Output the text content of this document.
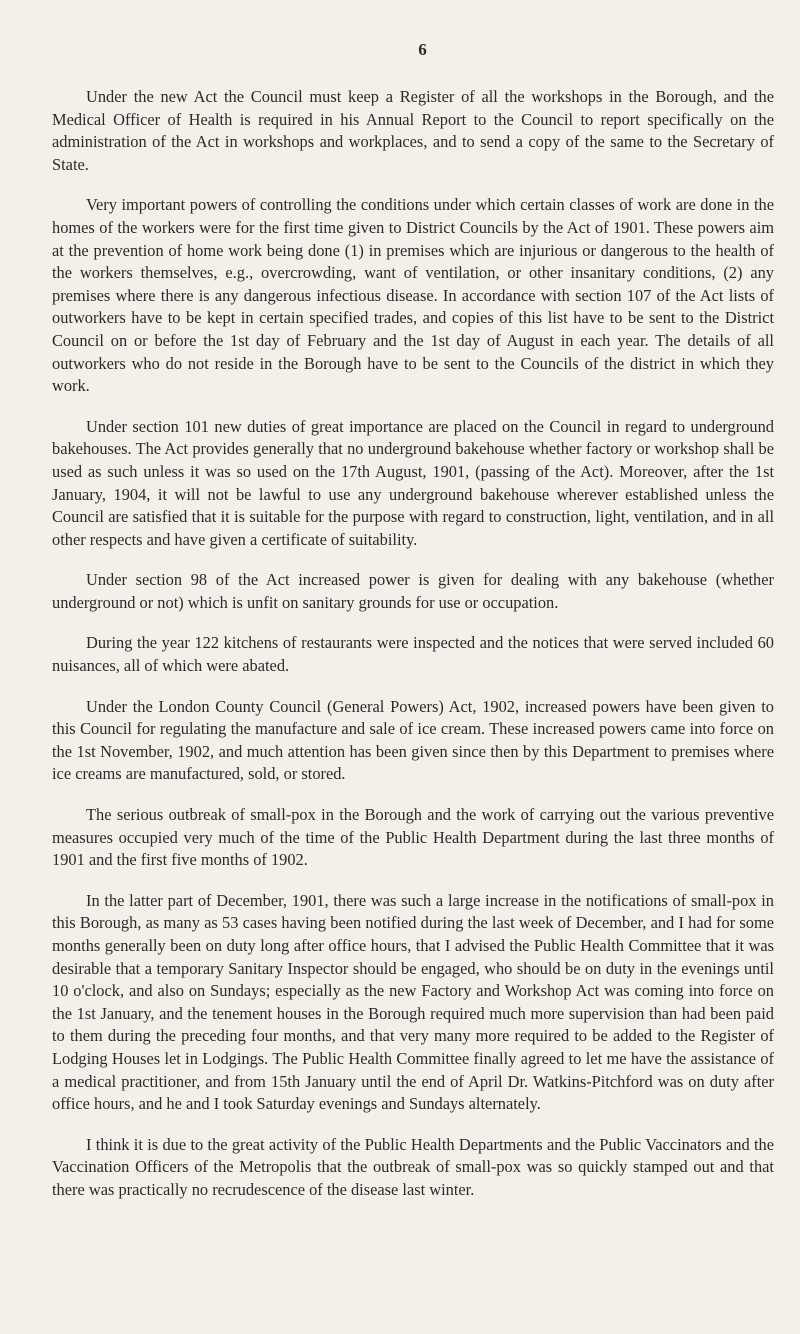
6

Under the new Act the Council must keep a Register of all the workshops in the Borough, and the Medical Officer of Health is required in his Annual Report to the Council to report specifically on the administration of the Act in workshops and workplaces, and to send a copy of the same to the Secretary of State.

Very important powers of controlling the conditions under which certain classes of work are done in the homes of the workers were for the first time given to District Councils by the Act of 1901. These powers aim at the prevention of home work being done (1) in premises which are injurious or dangerous to the health of the workers themselves, e.g., overcrowding, want of ventilation, or other insanitary conditions, (2) any premises where there is any dangerous infectious disease. In accordance with section 107 of the Act lists of outworkers have to be kept in certain specified trades, and copies of this list have to be sent to the District Council on or before the 1st day of February and the 1st day of August in each year. The details of all outworkers who do not reside in the Borough have to be sent to the Councils of the district in which they work.

Under section 101 new duties of great importance are placed on the Council in regard to underground bakehouses. The Act provides generally that no underground bakehouse whether factory or workshop shall be used as such unless it was so used on the 17th August, 1901, (passing of the Act). Moreover, after the 1st January, 1904, it will not be lawful to use any underground bakehouse wherever established unless the Council are satisfied that it is suitable for the purpose with regard to construction, light, ventilation, and in all other respects and have given a certificate of suitability.

Under section 98 of the Act increased power is given for dealing with any bakehouse (whether underground or not) which is unfit on sanitary grounds for use or occupation.

During the year 122 kitchens of restaurants were inspected and the notices that were served included 60 nuisances, all of which were abated.

Under the London County Council (General Powers) Act, 1902, increased powers have been given to this Council for regulating the manufacture and sale of ice cream. These increased powers came into force on the 1st November, 1902, and much attention has been given since then by this Department to premises where ice creams are manufactured, sold, or stored.

The serious outbreak of small-pox in the Borough and the work of carrying out the various preventive measures occupied very much of the time of the Public Health Department during the last three months of 1901 and the first five months of 1902.

In the latter part of December, 1901, there was such a large increase in the notifications of small-pox in this Borough, as many as 53 cases having been notified during the last week of December, and I had for some months generally been on duty long after office hours, that I advised the Public Health Committee that it was desirable that a temporary Sanitary Inspector should be engaged, who should be on duty in the evenings until 10 o'clock, and also on Sundays; especially as the new Factory and Workshop Act was coming into force on the 1st January, and the tenement houses in the Borough required much more supervision than had been paid to them during the preceding four months, and that very many more required to be added to the Register of Lodging Houses let in Lodgings. The Public Health Committee finally agreed to let me have the assistance of a medical practitioner, and from 15th January until the end of April Dr. Watkins-Pitchford was on duty after office hours, and he and I took Saturday evenings and Sundays alternately.

I think it is due to the great activity of the Public Health Departments and the Public Vaccinators and the Vaccination Officers of the Metropolis that the outbreak of small-pox was so quickly stamped out and that there was practically no recrudescence of the disease last winter.
